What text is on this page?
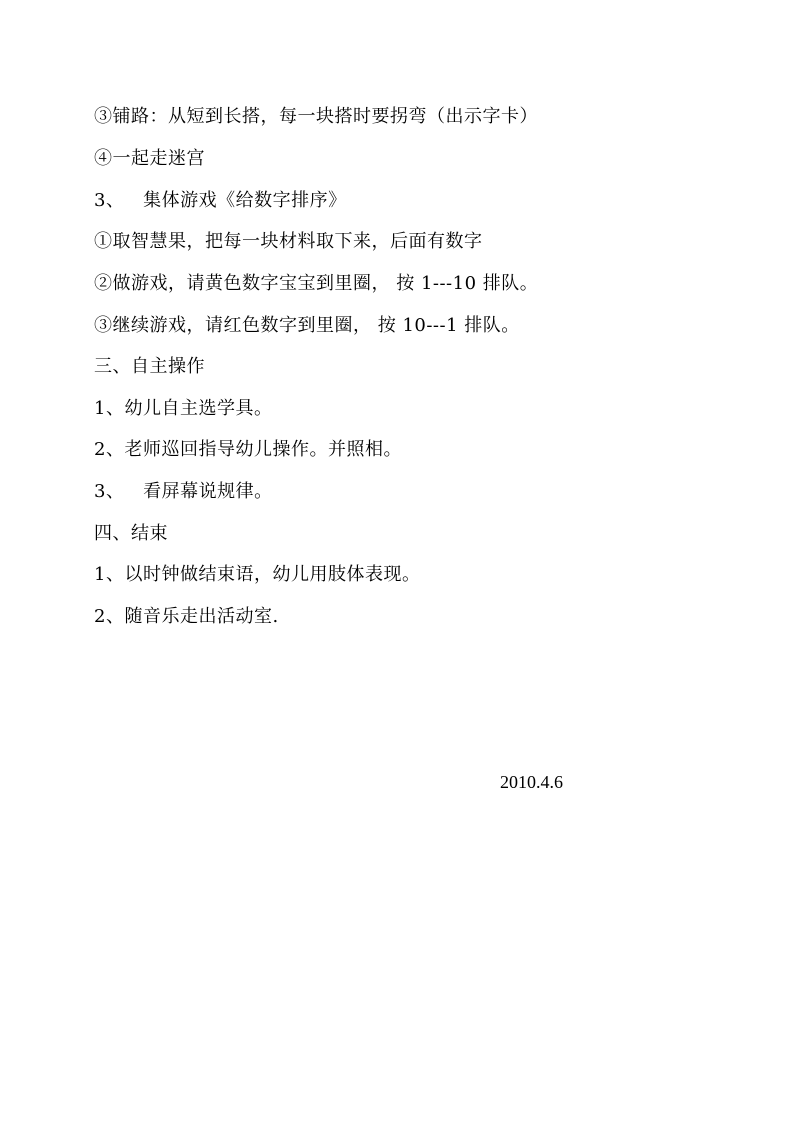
③铺路：从短到长搭，每一块搭时要拐弯（出示字卡）
④一起走迷宫
3、   集体游戏《给数字排序》
①取智慧果，把每一块材料取下来，后面有数字
②做游戏，请黄色数字宝宝到里圈， 按 1---10 排队。
③继续游戏，请红色数字到里圈， 按 10---1 排队。
三、自主操作
1、幼儿自主选学具。
2、老师巡回指导幼儿操作。并照相。
3、   看屏幕说规律。
四、结束
1、以时钟做结束语，幼儿用肢体表现。
2、随音乐走出活动室.
2010.4.6
